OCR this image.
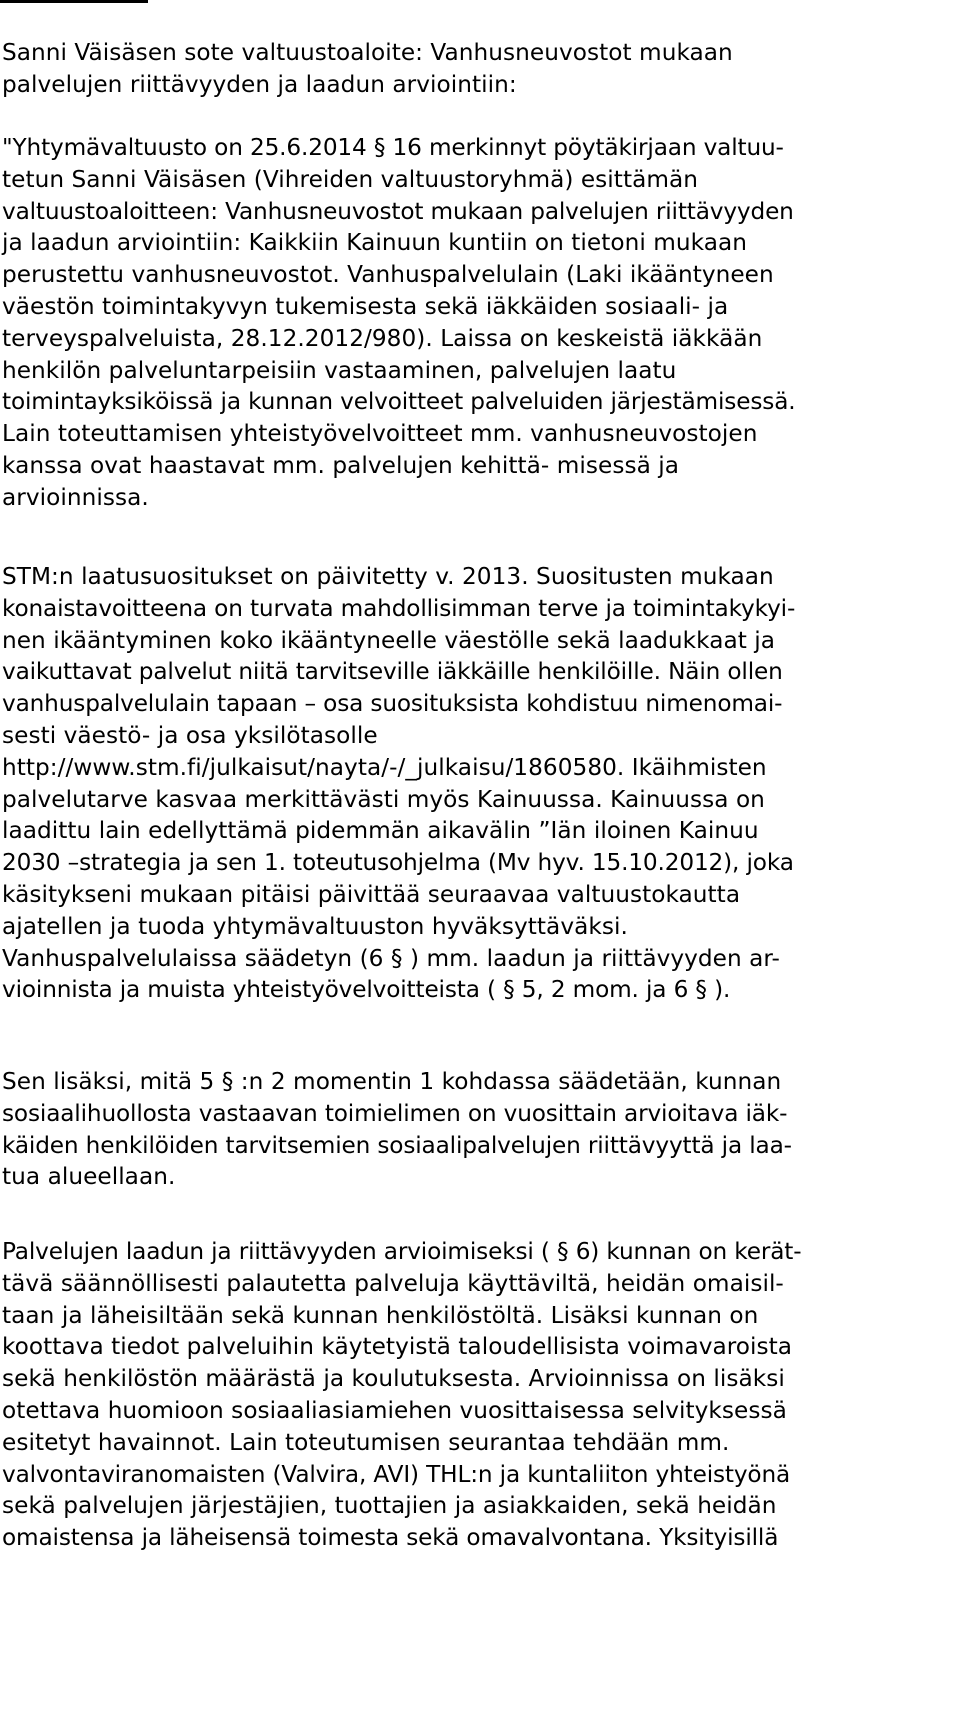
Sanni Väisäsen sote valtuustoaloite: Vanhusneuvostot mukaan
palvelujen riittävyyden ja laadun arviointiin:
"Yhtymävaltuusto on 25.6.2014 § 16 merkinnyt pöytäkirjaan valtuu-
tetun Sanni Väisäsen (Vihreiden valtuustoryhmä) esittämän
valtuustoaloitteen: Vanhusneuvostot mukaan palvelujen riittävyyden
ja laadun arviointiin: Kaikkiin Kainuun kuntiin on tietoni mukaan
perustettu vanhusneuvostot. Vanhuspalvelulain (Laki ikääntyneen
väestön toimintakyvyn tukemisesta sekä iäkkäiden sosiaali- ja
terveyspalveluista, 28.12.2012/980). Laissa on keskeistä iäkkään
henkilön palveluntarpeisiin vastaaminen, palvelujen laatu
toimintayksiköissä ja kunnan velvoitteet palveluiden järjestämisessä.
Lain toteuttamisen yhteistyövelvoitteet mm. vanhusneuvostojen
kanssa ovat haastavat mm. palvelujen kehittä- misessä ja
arvioinnissa.
STM:n laatusuositukset on päivitetty v. 2013. Suositusten mukaan
konaistavoitteena on turvata mahdollisimman terve ja toimintakykyi-
nen ikääntyminen koko ikääntyneelle väestölle sekä laadukkaat ja
vaikuttavat palvelut niitä tarvitseville iäkkäille henkilöille. Näin ollen
vanhuspalvelulain tapaan – osa suosituksista kohdistuu nimenomai-
sesti väestö- ja osa yksilötasolle
http://www.stm.fi/julkaisut/nayta/-/_julkaisu/1860580. Ikäihmisten
palvelutarve kasvaa merkittävästi myös Kainuussa. Kainuussa on
laadittu lain edellyttämä pidemmän aikavälin ”Iän iloinen Kainuu
2030 –strategia ja sen 1. toteutusohjelma (Mv hyv. 15.10.2012), joka
käsitykseni mukaan pitäisi päivittää seuraavaa valtuustokautta
ajatellen ja tuoda yhtymävaltuuston hyväksyttäväksi.
Vanhuspalvelulaissa säädetyn (6 § ) mm. laadun ja riittävyyden ar-
vioinnista ja muista yhteistyövelvoitteista ( § 5, 2 mom. ja 6 § ).
Sen lisäksi, mitä 5 § :n 2 momentin 1 kohdassa säädetään, kunnan
sosiaalihuollosta vastaavan toimielimen on vuosittain arvioitava iäk-
käiden henkilöiden tarvitsemien sosiaalipalvelujen riittävyyttä ja laa-
tua alueellaan.
Palvelujen laadun ja riittävyyden arvioimiseksi ( § 6) kunnan on kerät-
tävä säännöllisesti palautetta palveluja käyttäviltä, heidän omaisil-
taan ja läheisiltään sekä kunnan henkilöstöltä. Lisäksi kunnan on
koottava tiedot palveluihin käytetyistä taloudellisista voimavaroista
sekä henkilöstön määrästä ja koulutuksesta. Arvioinnissa on lisäksi
otettava huomioon sosiaaliasiamiehen vuosittaisessa selvityksessä
esitetyt havainnot. Lain toteutumisen seurantaa tehdään mm.
valvontaviranomaisten (Valvira, AVI) THL:n ja kuntaliiton yhteistyönä
sekä palvelujen järjestäjien, tuottajien ja asiakkaiden, sekä heidän
omaistensa ja läheisensä toimesta sekä omavalvontana. Yksityisillä
